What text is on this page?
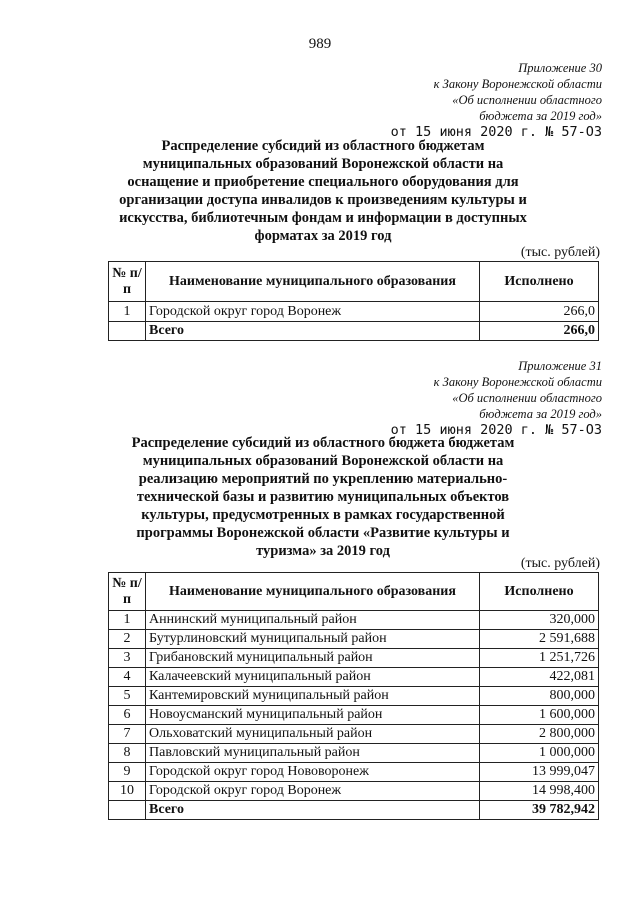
989
Приложение 30
к Закону Воронежской области
«Об исполнении областного
бюджета за 2019 год»
от 15 июня 2020 г. № 57-ОЗ
Распределение субсидий из областного бюджетам муниципальных образований Воронежской области на оснащение и приобретение специального оборудования для организации доступа инвалидов к произведениям культуры и искусства, библиотечным фондам и информации в доступных форматах за 2019 год
(тыс. рублей)
№ п/п	Наименование муниципального образования	Исполнено
1	Городской округ город Воронеж	266,0
	Всего	266,0
Приложение 31
к Закону Воронежской области
«Об исполнении областного
бюджета за 2019 год»
от 15 июня 2020 г. № 57-ОЗ
Распределение субсидий из областного бюджета бюджетам муниципальных образований Воронежской области на реализацию мероприятий по укреплению материально-технической базы и развитию муниципальных объектов культуры, предусмотренных в рамках государственной программы Воронежской области «Развитие культуры и туризма» за 2019 год
(тыс. рублей)
№ п/п	Наименование муниципального образования	Исполнено
1	Аннинский муниципальный район	320,000
2	Бутурлиновский муниципальный район	2 591,688
3	Грибановский муниципальный район	1 251,726
4	Калачеевский муниципальный район	422,081
5	Кантемировский муниципальный район	800,000
6	Новоусманский муниципальный район	1 600,000
7	Ольховатский муниципальный район	2 800,000
8	Павловский муниципальный район	1 000,000
9	Городской округ город Нововоронеж	13 999,047
10	Городской округ город Воронеж	14 998,400
	Всего	39 782,942
